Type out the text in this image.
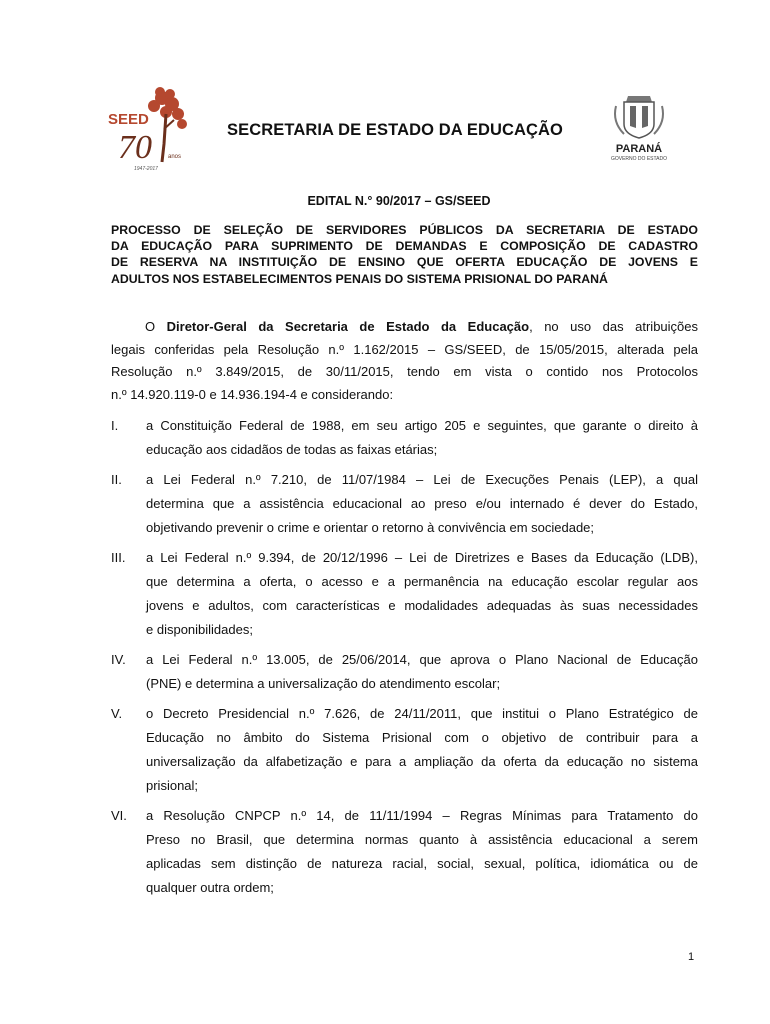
SEED
70	anos
1947-2017
SECRETARIA DE ESTADO DA EDUCAÇÃO
PARANÁ
GOVERNO DO ESTADO
EDITAL N.° 90/2017 – GS/SEED
PROCESSO DE SELEÇÃO DE SERVIDORES PÚBLICOS DA SECRETARIA DE ESTADO
DA EDUCAÇÃO PARA SUPRIMENTO DE DEMANDAS E COMPOSIÇÃO DE CADASTRO
DE RESERVA NA INSTITUIÇÃO DE ENSINO QUE OFERTA EDUCAÇÃO DE JOVENS E
ADULTOS NOS ESTABELECIMENTOS PENAIS DO SISTEMA PRISIONAL DO PARANÁ
O Diretor-Geral da Secretaria de Estado da Educação, no uso das atribuições
legais conferidas pela Resolução n.º 1.162/2015 – GS/SEED, de 15/05/2015, alterada pela
Resolução n.º 3.849/2015, de 30/11/2015, tendo em vista o contido nos Protocolos
n.º 14.920.119-0 e 14.936.194-4 e considerando:
I.	a Constituição Federal de 1988, em seu artigo 205 e seguintes, que garante o direito à
educação aos cidadãos de todas as faixas etárias;
II.	a Lei Federal n.º 7.210, de 11/07/1984 – Lei de Execuções Penais (LEP), a qual
determina que a assistência educacional ao preso e/ou internado é dever do Estado,
objetivando prevenir o crime e orientar o retorno à convivência em sociedade;
III.	a Lei Federal n.º 9.394, de 20/12/1996 – Lei de Diretrizes e Bases da Educação (LDB),
que determina a oferta, o acesso e a permanência na educação escolar regular aos
jovens e adultos, com características e modalidades adequadas às suas necessidades
e disponibilidades;
IV.	a Lei Federal n.º 13.005, de 25/06/2014, que aprova o Plano Nacional de Educação
(PNE) e determina a universalização do atendimento escolar;
V.	o Decreto Presidencial n.º 7.626, de 24/11/2011, que institui o Plano Estratégico de
Educação no âmbito do Sistema Prisional com o objetivo de contribuir para a
universalização da alfabetização e para a ampliação da oferta da educação no sistema
prisional;
VI.	a Resolução CNPCP n.º 14, de 11/11/1994 – Regras Mínimas para Tratamento do
Preso no Brasil, que determina normas quanto à assistência educacional a serem
aplicadas sem distinção de natureza racial, social, sexual, política, idiomática ou de
qualquer outra ordem;
1
